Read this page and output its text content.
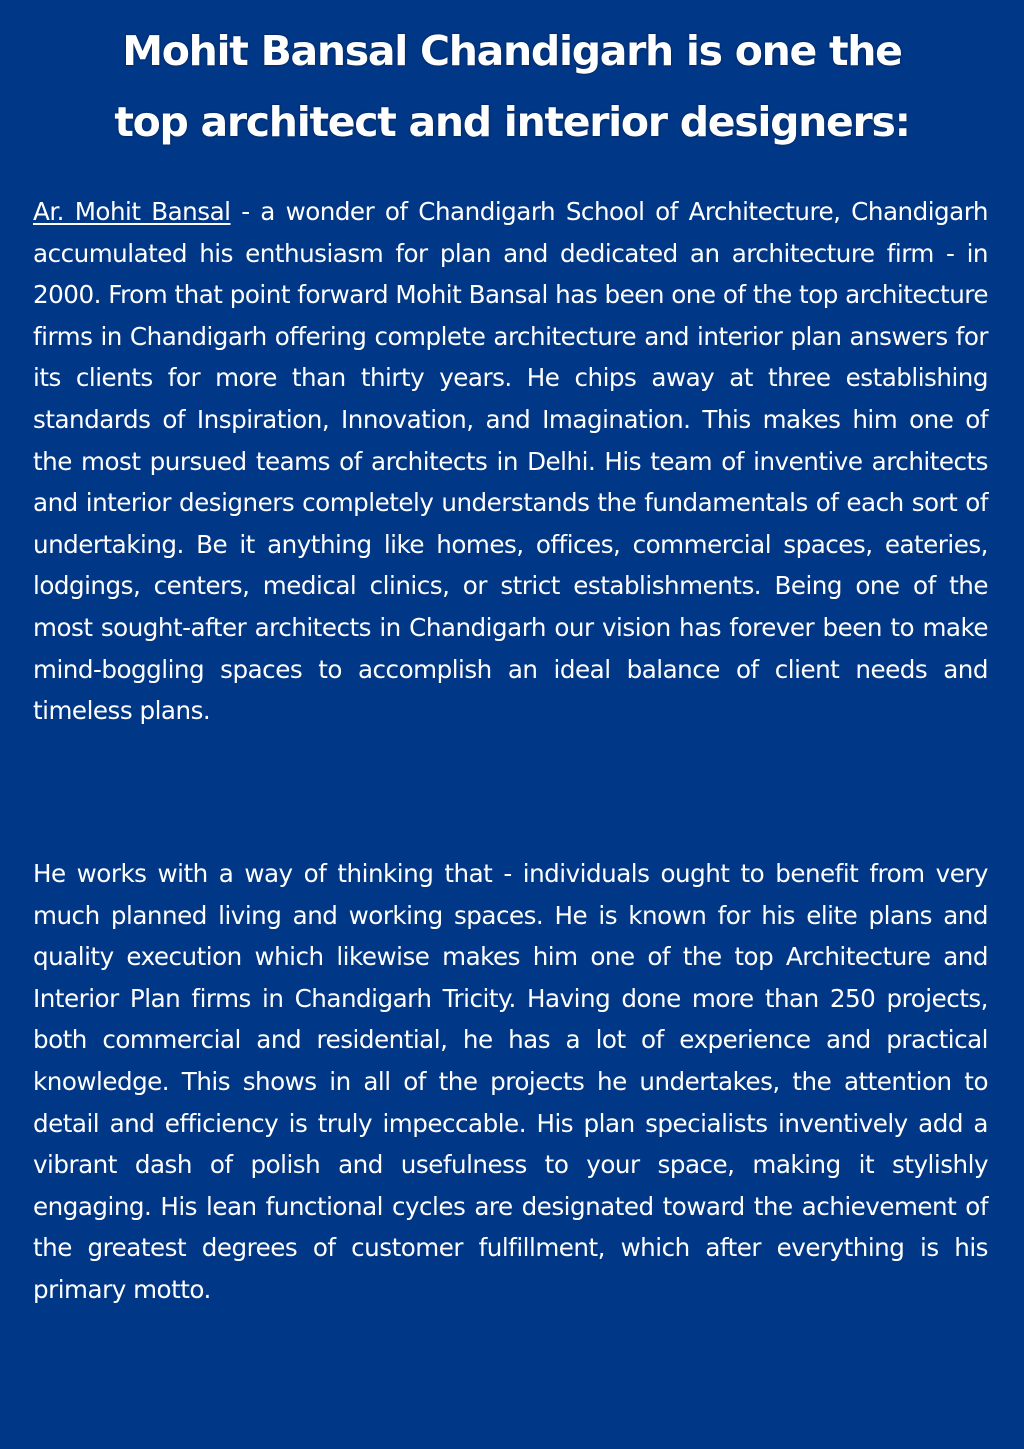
Mohit Bansal Chandigarh is one the
top architect and interior designers:

Ar. Mohit Bansal - a wonder of Chandigarh School of Architecture, Chandigarh accumulated his enthusiasm for plan and dedicated an architecture firm - in 2000. From that point forward Mohit Bansal has been one of the top architecture firms in Chandigarh offering complete architecture and interior plan answers for its clients for more than thirty years. He chips away at three establishing standards of Inspiration, Innovation, and Imagination. This makes him one of the most pursued teams of architects in Delhi. His team of inventive architects and interior designers completely understands the fundamentals of each sort of undertaking. Be it anything like homes, offices, commercial spaces, eateries, lodgings, centers, medical clinics, or strict establishments. Being one of the most sought-after architects in Chandigarh our vision has forever been to make mind-boggling spaces to accomplish an ideal balance of client needs and timeless plans.

He works with a way of thinking that - individuals ought to benefit from very much planned living and working spaces. He is known for his elite plans and quality execution which likewise makes him one of the top Architecture and Interior Plan firms in Chandigarh Tricity. Having done more than 250 projects, both commercial and residential, he has a lot of experience and practical knowledge. This shows in all of the projects he undertakes, the attention to detail and efficiency is truly impeccable. His plan specialists inventively add a vibrant dash of polish and usefulness to your space, making it stylishly engaging. His lean functional cycles are designated toward the achievement of the greatest degrees of customer fulfillment, which after everything is his primary motto.
